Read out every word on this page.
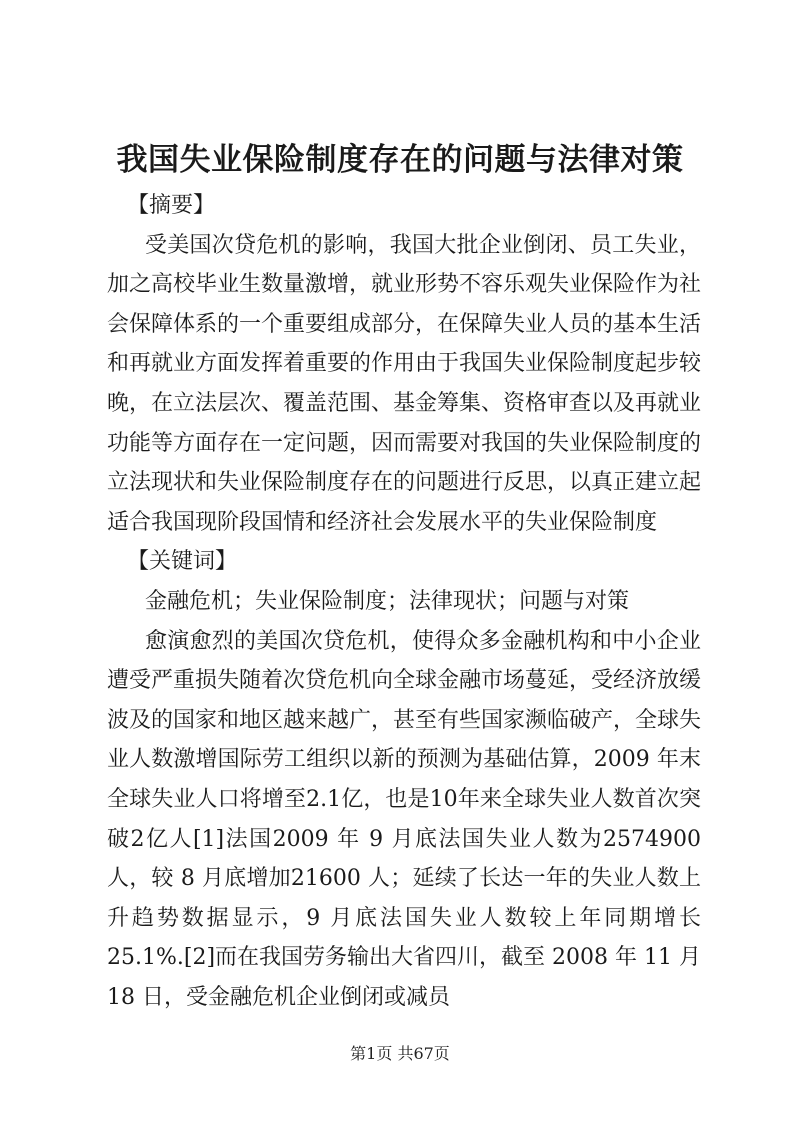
我国失业保险制度存在的问题与法律对策

【摘要】

受美国次贷危机的影响，我国大批企业倒闭、员工失业，加之高校毕业生数量激增，就业形势不容乐观失业保险作为社会保障体系的一个重要组成部分，在保障失业人员的基本生活和再就业方面发挥着重要的作用由于我国失业保险制度起步较晚，在立法层次、覆盖范围、基金筹集、资格审查以及再就业功能等方面存在一定问题，因而需要对我国的失业保险制度的立法现状和失业保险制度存在的问题进行反思，以真正建立起适合我国现阶段国情和经济社会发展水平的失业保险制度

【关键词】

金融危机；失业保险制度；法律现状；问题与对策

愈演愈烈的美国次贷危机，使得众多金融机构和中小企业遭受严重损失随着次贷危机向全球金融市场蔓延，受经济放缓波及的国家和地区越来越广，甚至有些国家濒临破产，全球失业人数激增国际劳工组织以新的预测为基础估算，2009 年末全球失业人口将增至2.1亿，也是10年来全球失业人数首次突破2亿人[1]法国2009 年 9 月底法国失业人数为2574900 人，较 8 月底增加21600 人；延续了长达一年的失业人数上升趋势数据显示，9 月底法国失业人数较上年同期增长25.1%.[2]而在我国劳务输出大省四川，截至 2008 年 11 月 18 日，受金融危机企业倒闭或减员

第1页 共67页
